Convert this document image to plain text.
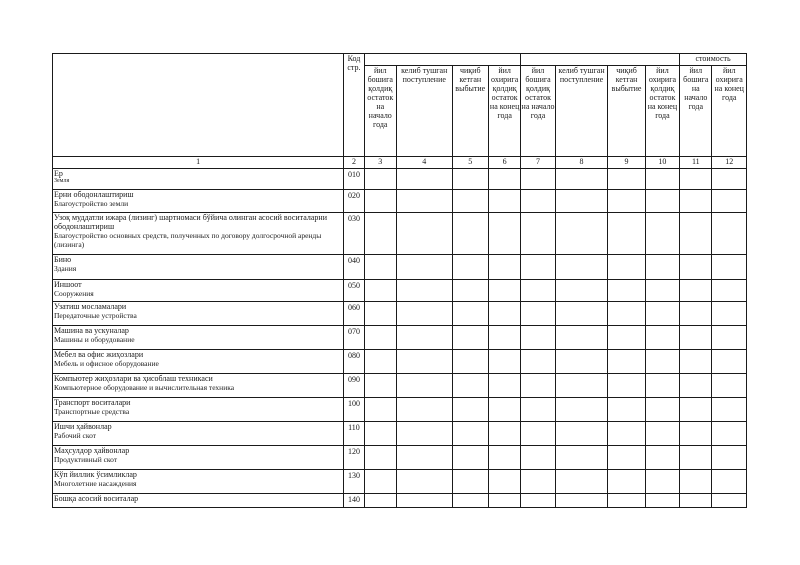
	Код стр.									стоимость	
		йил бошига қолдиқ остаток на начало года	келиб тушган поступление	чиқиб кетган выбытие	йил охирига қолдиқ остаток на конец года	йил бошига қолдиқ остаток на начало года	келиб тушган поступление	чиқиб кетган выбытие	йил охирига қолдиқ остаток на конец года	йил бошига на начало года	йил охирига на конец года
1	2	3	4	5	6	7	8	9	10	11	12

Ер
Земля	010										

Ерни ободонлаштириш
Благоустройство земли	020										

Узоқ муддатли ижара (лизинг) шартномаси бўйича олинган асосий воситаларни ободонлаштириш
Благоустройство основных средств, полученных по договору долгосрочной аренды (лизинга)	030										

Бино
Здания	040										

Иншоот
Сооружения	050										

Узатиш мосламалари
Передаточные устройства	060										

Машина ва ускуналар
Машины и оборудование	070										

Мебел ва офис жиҳозлари
Мебель и офисное оборудование	080										

Компьютер жиҳозлари ва ҳисоблаш техникаси
Компьютерное оборудование и вычислительная техника	090										

Транспорт воситалари
Транспортные средства	100										

Ишчи ҳайвонлар
Рабочий скот	110										

Маҳсулдор ҳайвонлар
Продуктивный скот	120										

Кўп йиллик ўсимликлар
Многолетние насаждения	130										

Бошқа асосий воситалар	140										
